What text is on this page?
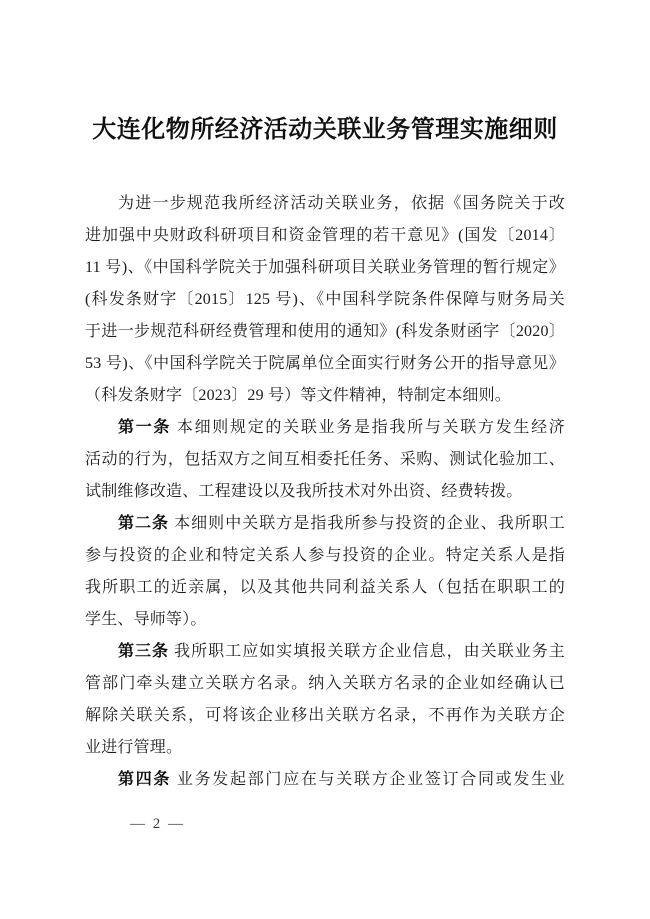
大连化物所经济活动关联业务管理实施细则
为进一步规范我所经济活动关联业务，依据《国务院关于改
进加强中央财政科研项目和资金管理的若干意见》(国发〔2014〕
11 号)、《中国科学院关于加强科研项目关联业务管理的暂行规定》
(科发条财字〔2015〕125 号)、《中国科学院条件保障与财务局关
于进一步规范科研经费管理和使用的通知》(科发条财函字〔2020〕
53 号)、《中国科学院关于院属单位全面实行财务公开的指导意见》
（科发条财字〔2023〕29 号）等文件精神，特制定本细则。
第一条 本细则规定的关联业务是指我所与关联方发生经济
活动的行为，包括双方之间互相委托任务、采购、测试化验加工、
试制维修改造、工程建设以及我所技术对外出资、经费转拨。
第二条 本细则中关联方是指我所参与投资的企业、我所职工
参与投资的企业和特定关系人参与投资的企业。特定关系人是指
我所职工的近亲属，以及其他共同利益关系人（包括在职职工的
学生、导师等）。
第三条 我所职工应如实填报关联方企业信息，由关联业务主
管部门牵头建立关联方名录。纳入关联方名录的企业如经确认已
解除关联关系，可将该企业移出关联方名录，不再作为关联方企
业进行管理。
第四条 业务发起部门应在与关联方企业签订合同或发生业
— 2 —
